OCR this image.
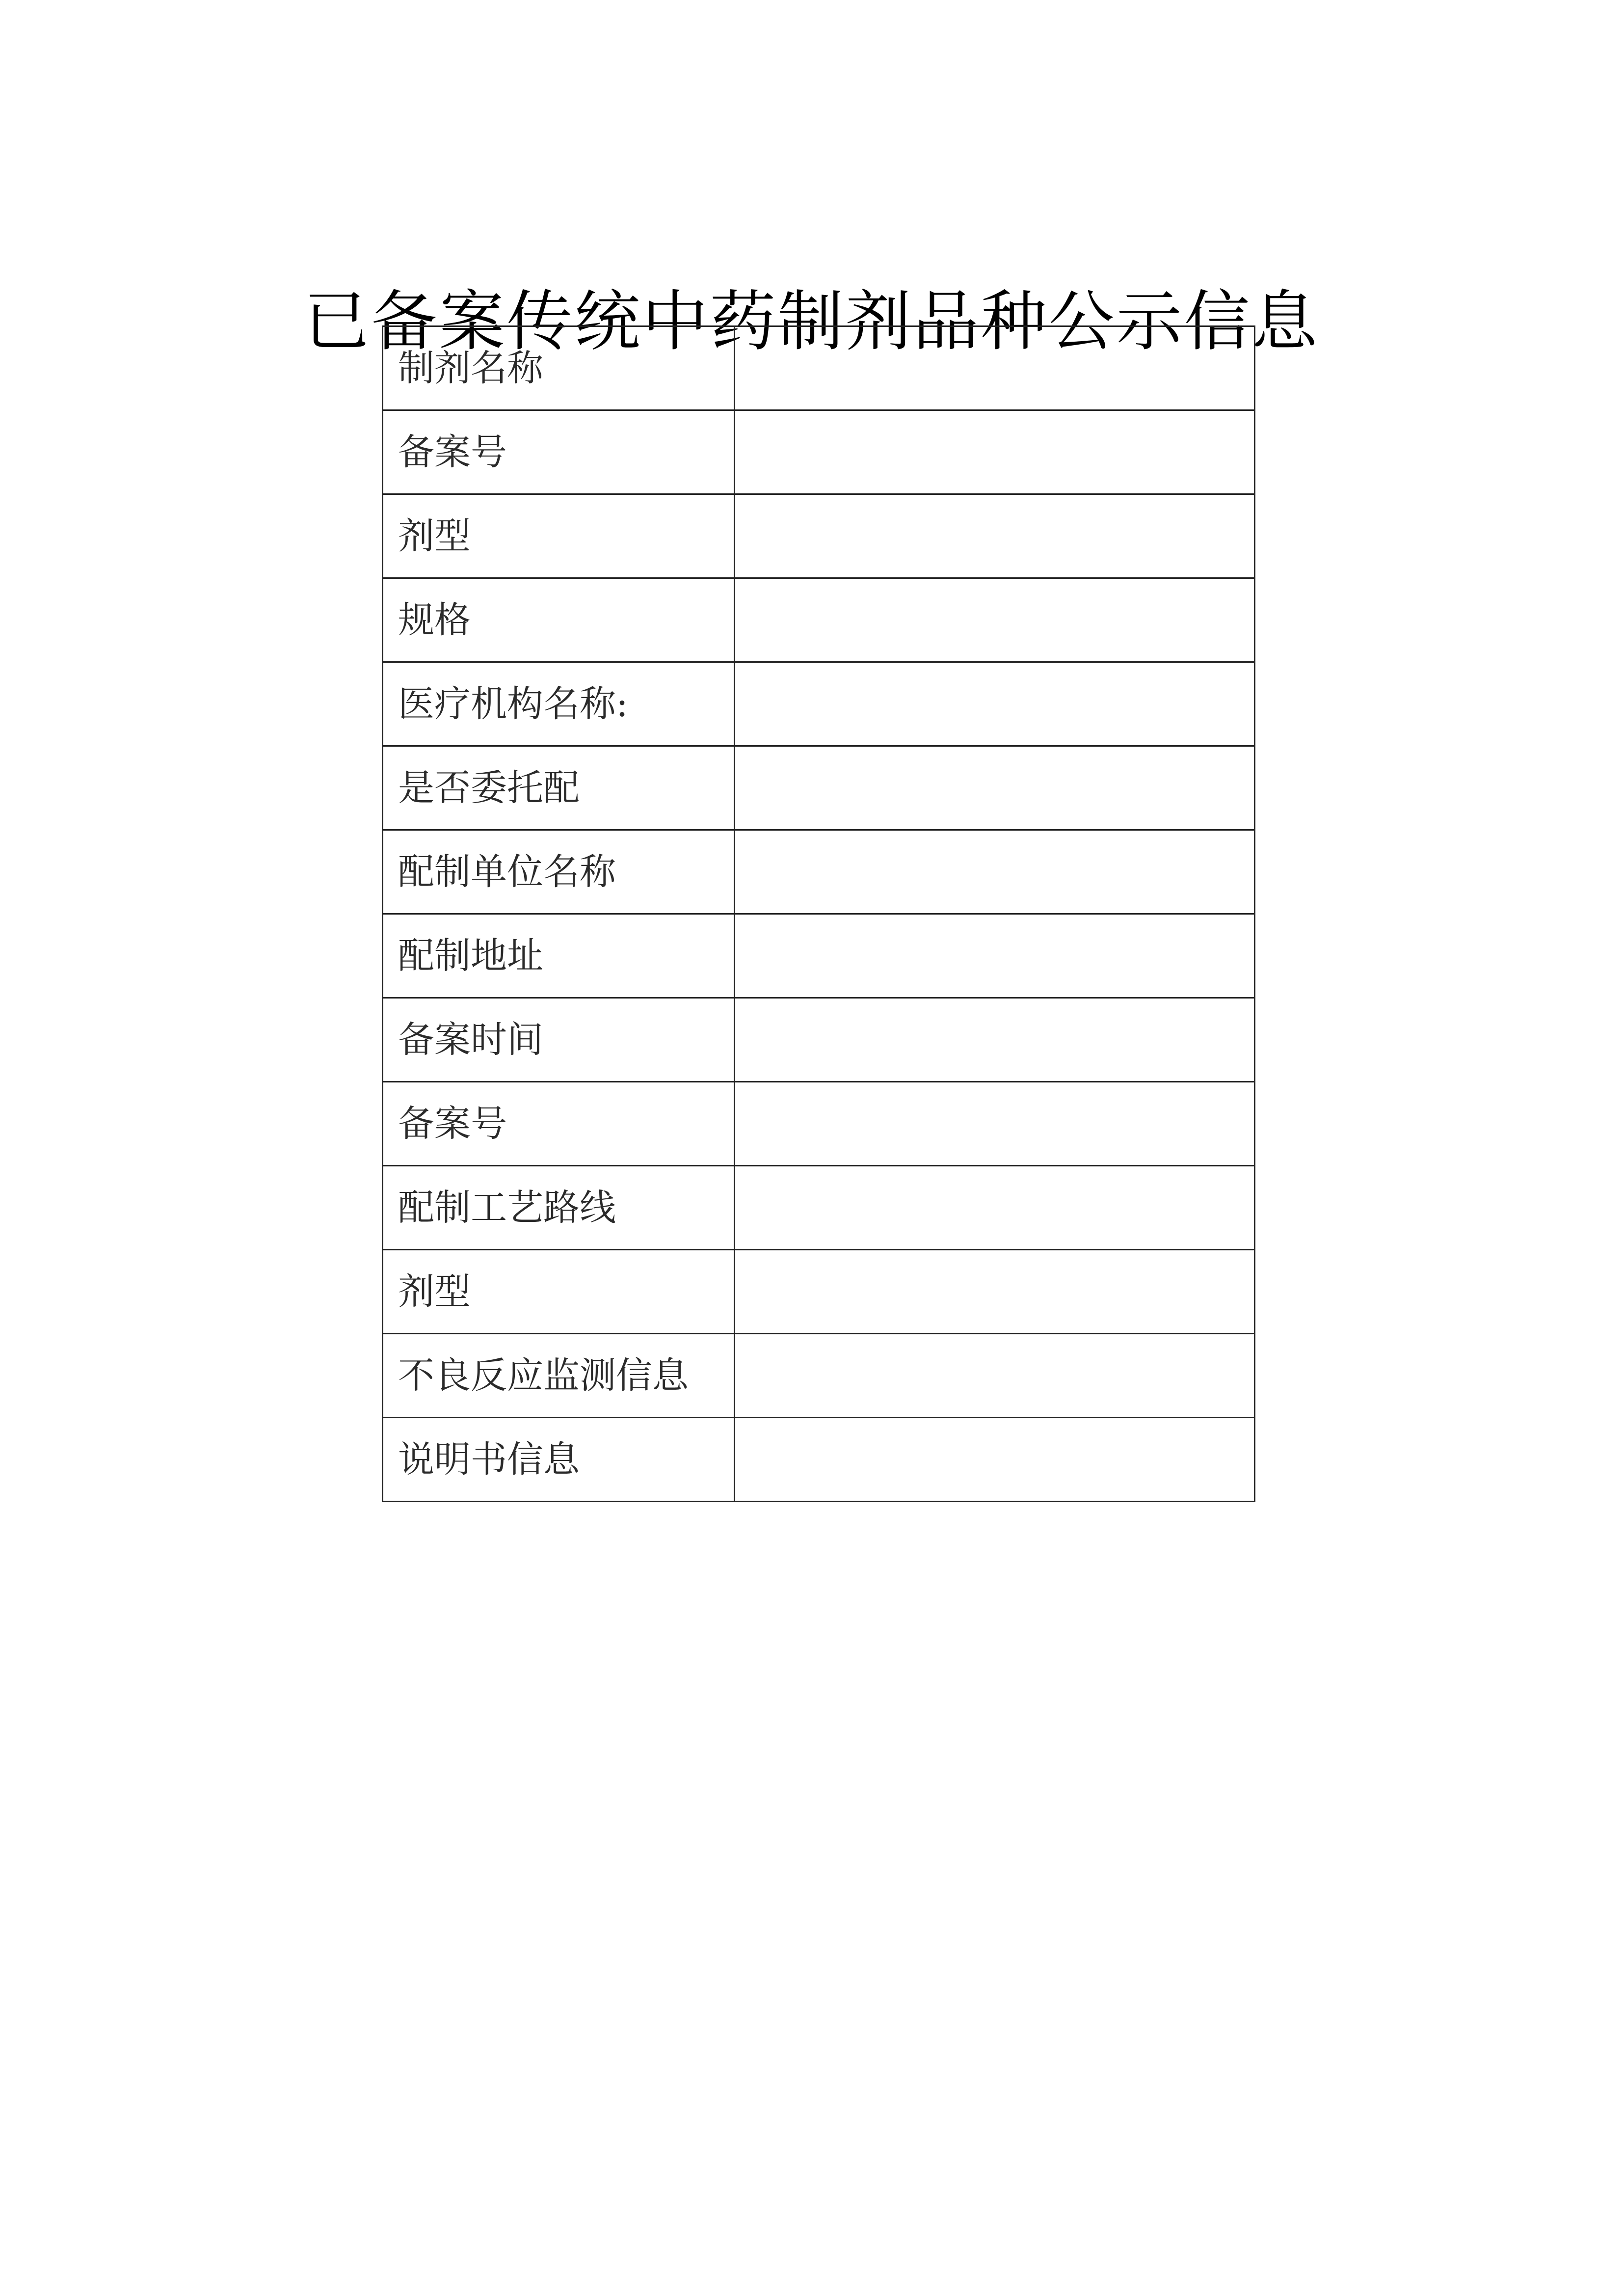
已备案传统中药制剂品种公示信息
制剂名称	
备案号	
剂型	
规格	
医疗机构名称:	
是否委托配	
配制单位名称	
配制地址	
备案时间	
备案号	
配制工艺路线	
剂型	
不良反应监测信息	
说明书信息	
